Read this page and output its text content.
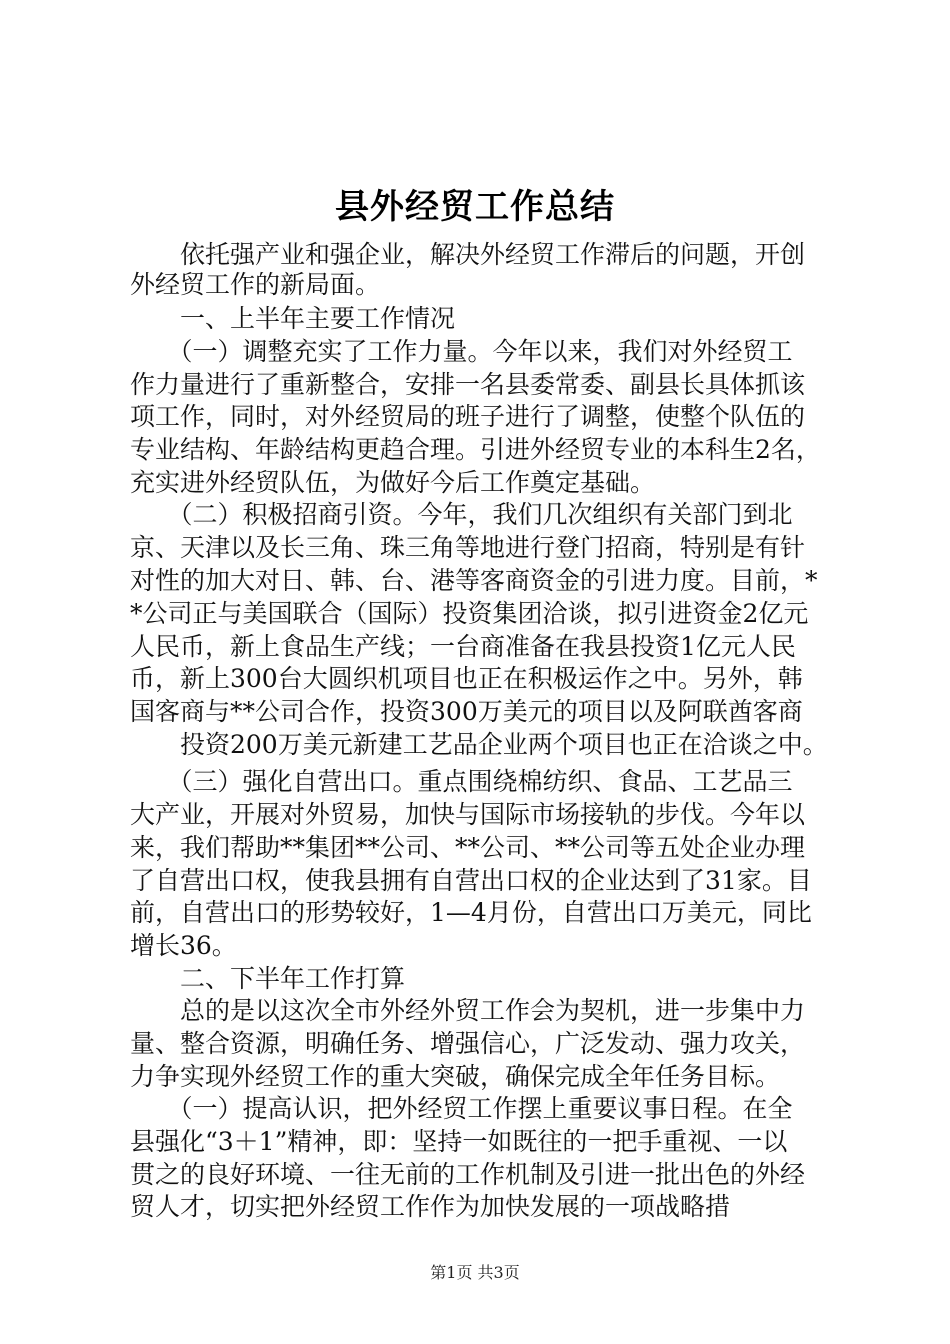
县外经贸工作总结
　　依托强产业和强企业，解决外经贸工作滞后的问题，开创
外经贸工作的新局面。
　　一、上半年主要工作情况
　　（一）调整充实了工作力量。今年以来，我们对外经贸工
作力量进行了重新整合，安排一名县委常委、副县长具体抓该
项工作，同时，对外经贸局的班子进行了调整，使整个队伍的
专业结构、年龄结构更趋合理。引进外经贸专业的本科生2名，
充实进外经贸队伍，为做好今后工作奠定基础。
　　（二）积极招商引资。今年，我们几次组织有关部门到北
京、天津以及长三角、珠三角等地进行登门招商，特别是有针
对性的加大对日、韩、台、港等客商资金的引进力度。目前，*
*公司正与美国联合（国际）投资集团洽谈，拟引进资金2亿元
人民币，新上食品生产线；一台商准备在我县投资1亿元人民
币，新上300台大圆织机项目也正在积极运作之中。另外，韩
国客商与**公司合作，投资300万美元的项目以及阿联酋客商
　　投资200万美元新建工艺品企业两个项目也正在洽谈之中。
　　（三）强化自营出口。重点围绕棉纺织、食品、工艺品三
大产业，开展对外贸易，加快与国际市场接轨的步伐。今年以
来，我们帮助**集团**公司、**公司、**公司等五处企业办理
了自营出口权，使我县拥有自营出口权的企业达到了31家。目
前，自营出口的形势较好，1—4月份，自营出口万美元，同比
增长36。
　　二、下半年工作打算
　　总的是以这次全市外经外贸工作会为契机，进一步集中力
量、整合资源，明确任务、增强信心，广泛发动、强力攻关，
力争实现外经贸工作的重大突破，确保完成全年任务目标。
　　（一）提高认识，把外经贸工作摆上重要议事日程。在全
县强化“3＋1”精神，即：坚持一如既往的一把手重视、一以
贯之的良好环境、一往无前的工作机制及引进一批出色的外经
贸人才，切实把外经贸工作作为加快发展的一项战略措
第1页 共3页
